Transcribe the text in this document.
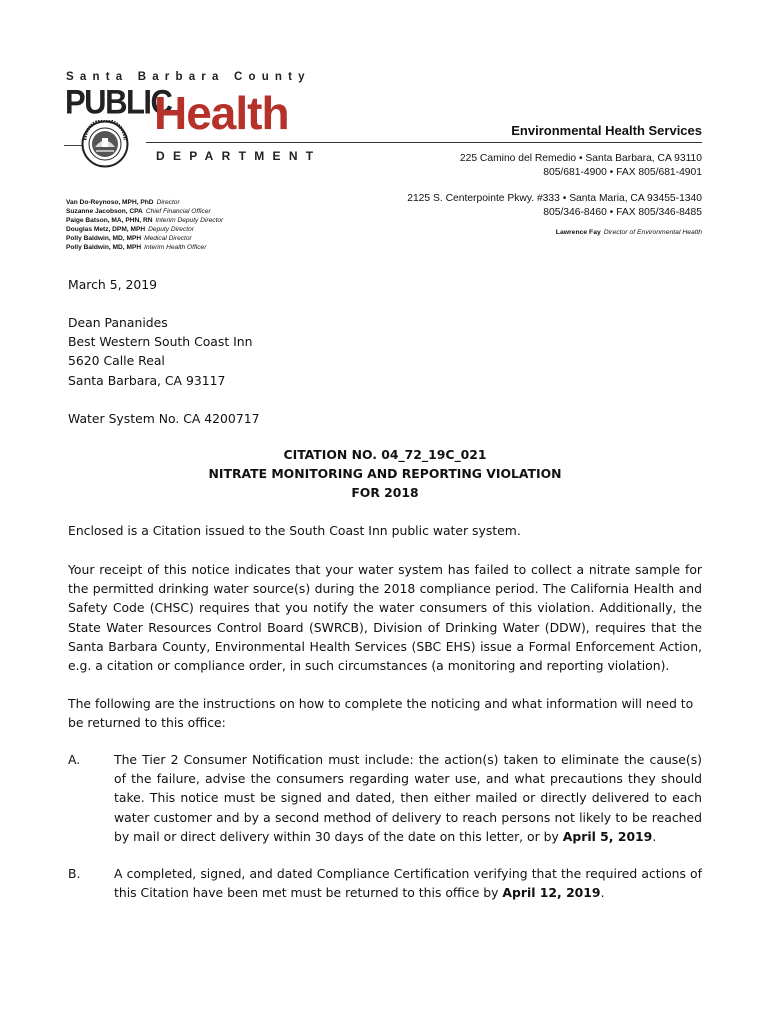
Santa Barbara County
PUBLIC
Health
DEPARTMENT
Van Do-Reynoso, MPH, PhD Director
Suzanne Jacobson, CPA Chief Financial Officer
Paige Batson, MA, PHN, RN Interim Deputy Director
Douglas Metz, DPM, MPH Deputy Director
Polly Baldwin, MD, MPH Medical Director
Polly Baldwin, MD, MPH Interim Health Officer
Environmental Health Services
225 Camino del Remedio • Santa Barbara, CA 93110
805/681-4900 • FAX 805/681-4901
2125 S. Centerpointe Pkwy. #333 • Santa Maria, CA 93455-1340
805/346-8460 • FAX 805/346-8485
Lawrence Fay Director of Environmental Health
March 5, 2019
Dean Pananides
Best Western South Coast Inn
5620 Calle Real
Santa Barbara, CA 93117
Water System No. CA 4200717
CITATION NO. 04_72_19C_021
NITRATE MONITORING AND REPORTING VIOLATION
FOR 2018
Enclosed is a Citation issued to the South Coast Inn public water system.
Your receipt of this notice indicates that your water system has failed to collect a nitrate sample for the permitted drinking water source(s) during the 2018 compliance period. The California Health and Safety Code (CHSC) requires that you notify the water consumers of this violation. Additionally, the State Water Resources Control Board (SWRCB), Division of Drinking Water (DDW), requires that the Santa Barbara County, Environmental Health Services (SBC EHS) issue a Formal Enforcement Action, e.g. a citation or compliance order, in such circumstances (a monitoring and reporting violation).
The following are the instructions on how to complete the noticing and what information will need to be returned to this office:
A.	The Tier 2 Consumer Notification must include: the action(s) taken to eliminate the cause(s) of the failure, advise the consumers regarding water use, and what precautions they should take. This notice must be signed and dated, then either mailed or directly delivered to each water customer and by a second method of delivery to reach persons not likely to be reached by mail or direct delivery within 30 days of the date on this letter, or by April 5, 2019.
B.	A completed, signed, and dated Compliance Certification verifying that the required actions of this Citation have been met must be returned to this office by April 12, 2019.
